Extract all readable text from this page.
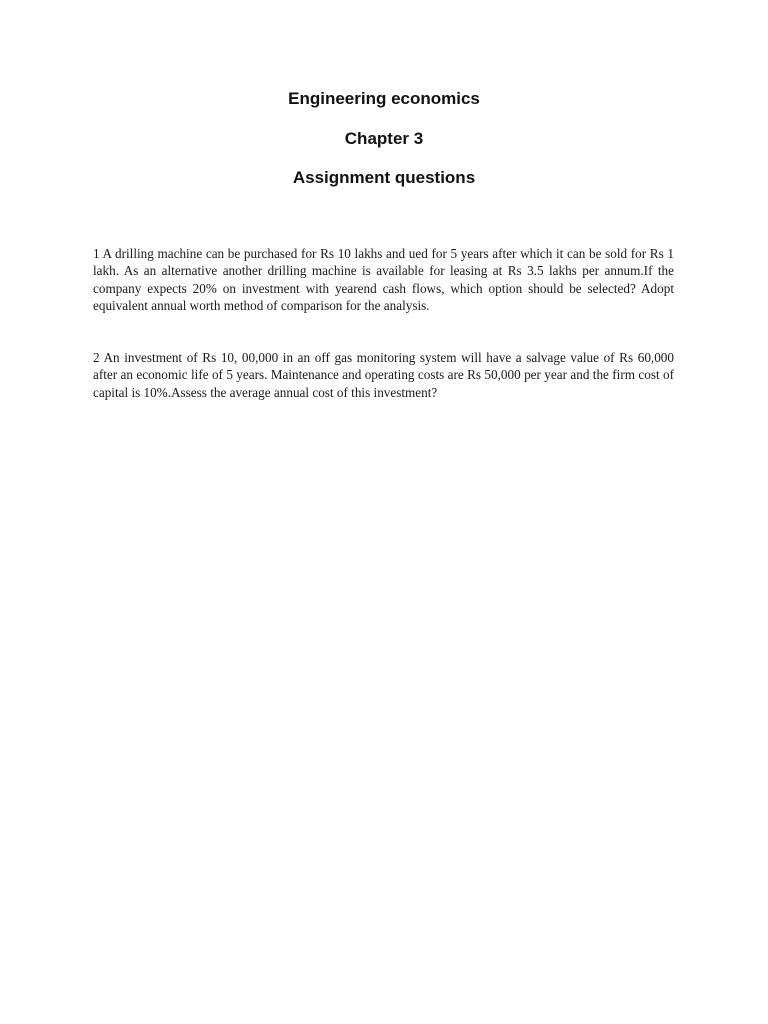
Engineering economics
Chapter 3
Assignment questions

1 A drilling machine can be purchased for Rs 10 lakhs and ued for 5 years after which it can be sold for Rs 1 lakh. As an alternative another drilling machine is available for leasing at Rs 3.5 lakhs per annum.If the company expects 20% on investment with yearend cash flows, which option should be selected? Adopt equivalent annual worth method of comparison for the analysis.

2 An investment of Rs 10, 00,000 in an off gas monitoring system will have a salvage value of Rs 60,000 after an economic life of 5 years. Maintenance and operating costs are Rs 50,000 per year and the firm cost of capital is 10%.Assess the average annual cost of this investment?
